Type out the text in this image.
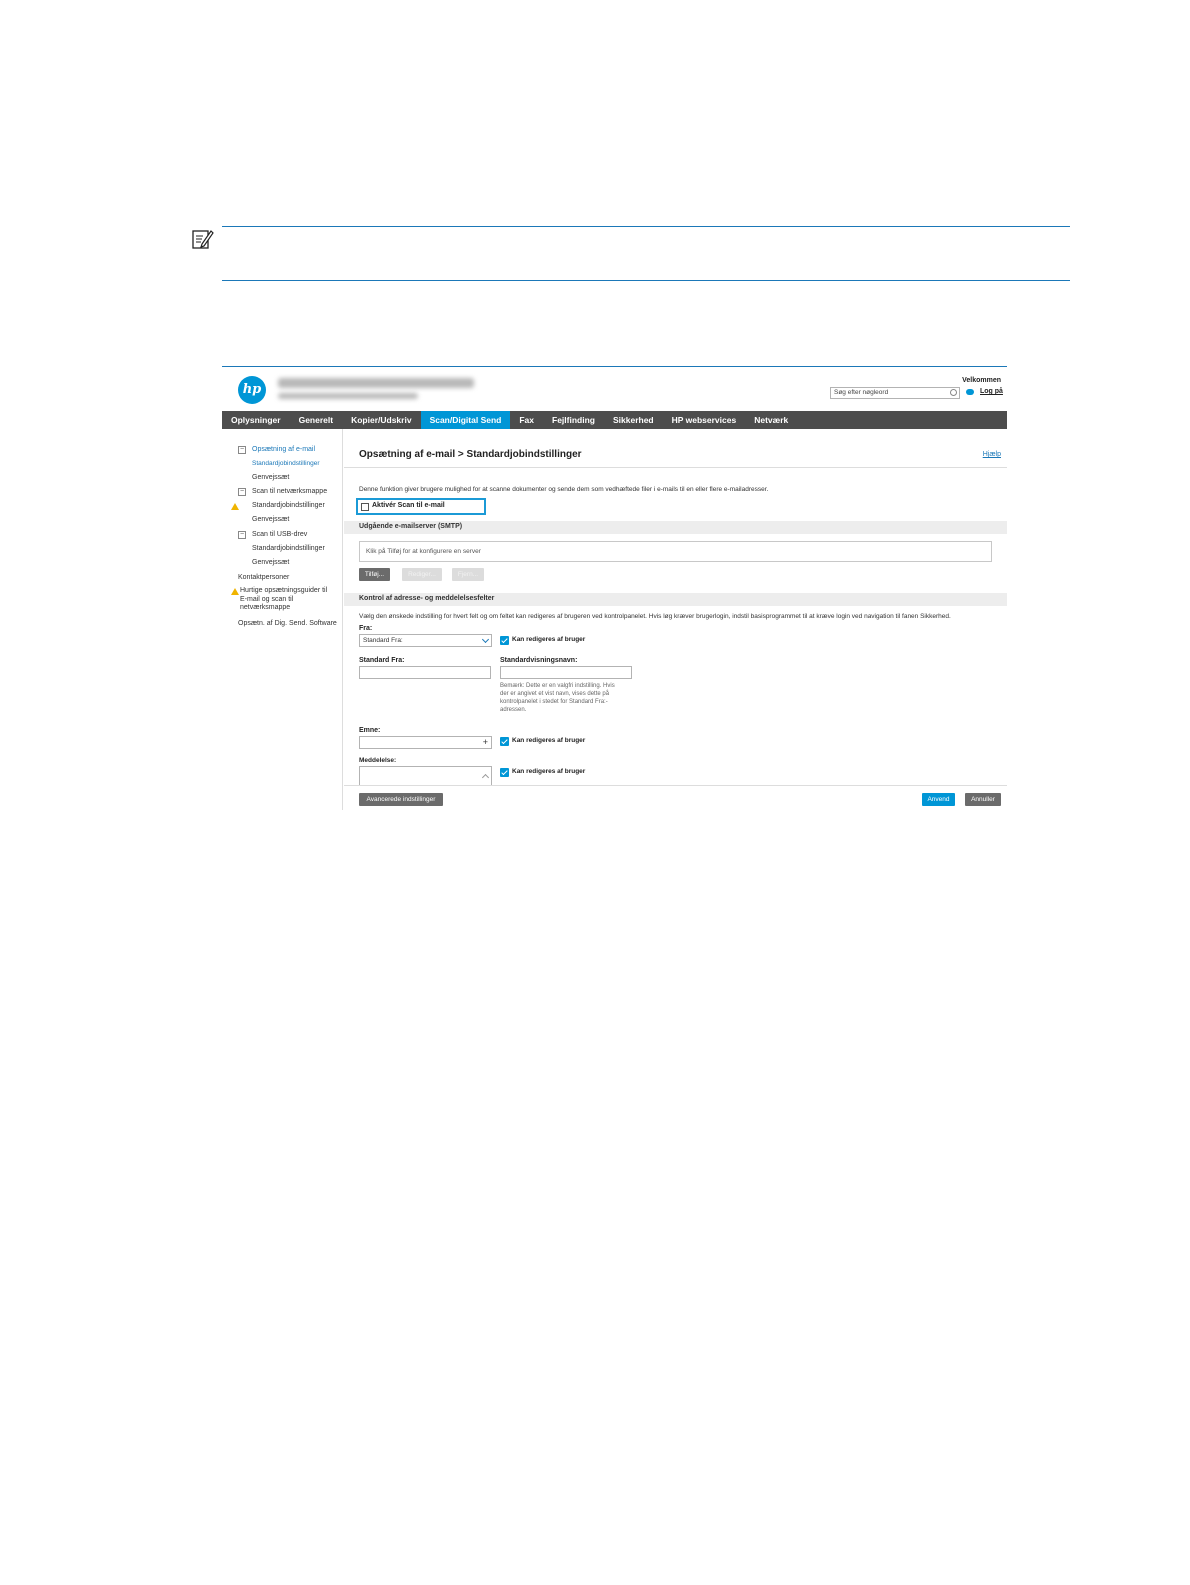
hp
Velkommen
Søg efter nøgleord	Log på
Oplysninger	Generelt	Kopier/Udskriv	Scan/Digital Send	Fax	Fejlfinding	Sikkerhed	HP webservices	Netværk
− Opsætning af e-mail
Standardjobindstillinger
Genvejssæt
− Scan til netværksmappe
Standardjobindstillinger
Genvejssæt
− Scan til USB-drev
Standardjobindstillinger
Genvejssæt
Kontaktpersoner
Hurtige opsætningsguider til
E-mail og scan til
netværksmappe
Opsætn. af Dig. Send. Software
Opsætning af e-mail > Standardjobindstillinger	Hjælp
Denne funktion giver brugere mulighed for at scanne dokumenter og sende dem som vedhæftede filer i e-mails til en eller flere e-mailadresser.
Aktivér Scan til e-mail
Udgående e-mailserver (SMTP)
Klik på Tilføj for at konfigurere en server
Tilføj...	Rediger...	Fjern...
Kontrol af adresse- og meddelelsesfelter
Vælg den ønskede indstilling for hvert felt og om feltet kan redigeres af brugeren ved kontrolpanelet. Hvis løg kræver brugerlogin, indstil basisprogrammet til at kræve login ved navigation til fanen Sikkerhed.
Fra:
Standard Fra:	Kan redigeres af bruger
Standard Fra:	Standardvisningsnavn:
Bemærk: Dette er en valgfri indstilling. Hvis
der er angivet et vist navn, vises dette på
kontrolpanelet i stedet for Standard Fra:-
adressen.
Emne:
+	Kan redigeres af bruger
Meddelelse:
Kan redigeres af bruger
Avancerede indstillinger	Anvend	Annuller
